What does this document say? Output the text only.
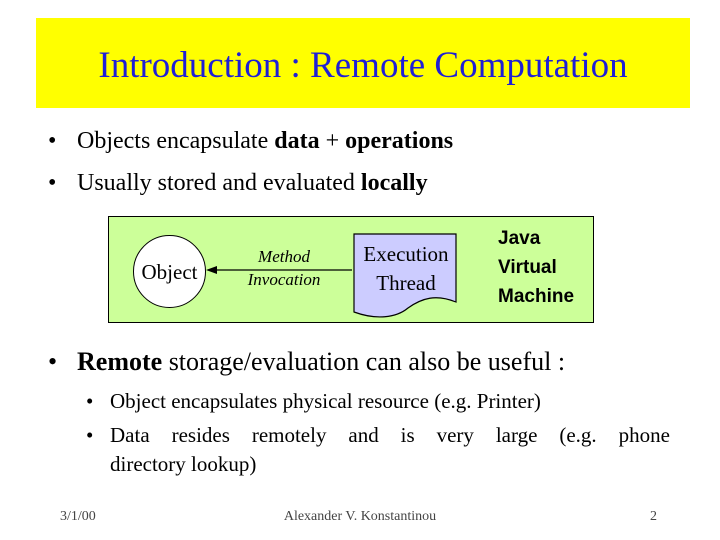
Introduction : Remote Computation
• Objects encapsulate data + operations
• Usually stored and evaluated locally
Object
Method
Invocation
Execution
Thread
Java
Virtual
Machine
• Remote storage/evaluation can also be useful :
• Object encapsulates physical resource (e.g. Printer)
• Data resides remotely and is very large (e.g. phone
directory lookup)
3/1/00	Alexander V. Konstantinou	2
